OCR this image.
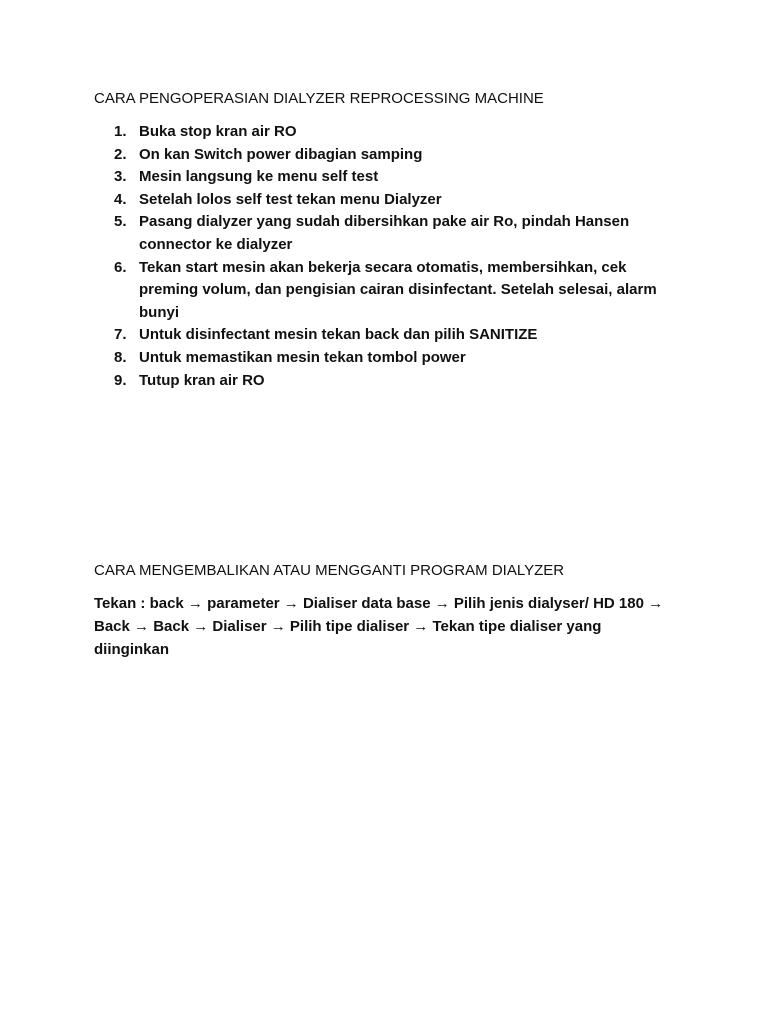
CARA PENGOPERASIAN DIALYZER REPROCESSING MACHINE
1. Buka stop kran air RO
2. On kan Switch power dibagian samping
3. Mesin langsung ke menu self test
4. Setelah lolos self test tekan menu Dialyzer
5. Pasang dialyzer yang sudah dibersihkan pake air Ro, pindah Hansen connector ke dialyzer
6. Tekan start mesin akan bekerja secara otomatis, membersihkan, cek preming volum, dan pengisian cairan disinfectant. Setelah selesai, alarm bunyi
7. Untuk disinfectant mesin tekan back dan pilih SANITIZE
8. Untuk memastikan mesin tekan tombol power
9. Tutup kran air RO
CARA MENGEMBALIKAN ATAU MENGGANTI PROGRAM DIALYZER

Tekan : back → parameter → Dialiser data base → Pilih jenis dialyser/ HD 180 → Back → Back → Dialiser → Pilih tipe dialiser → Tekan tipe dialiser yang diinginkan
